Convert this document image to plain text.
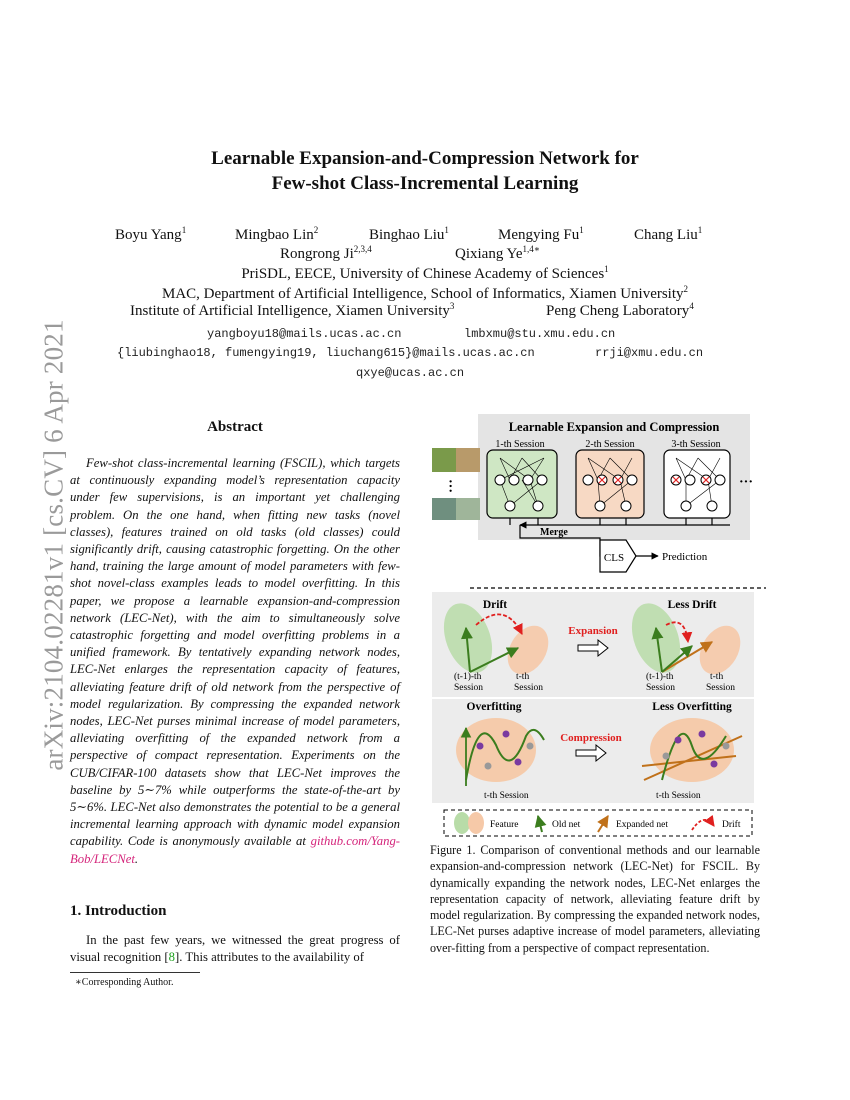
arXiv:2104.02281v1 [cs.CV] 6 Apr 2021
Learnable Expansion-and-Compression Network for
Few-shot Class-Incremental Learning
Boyu Yang$^1$	Mingbao Lin$^2$	Binghao Liu$^1$	Mengying Fu$^1$	Chang Liu$^1$
Rongrong Ji$^{2,3,4}$	Qixiang $Ye^{1,4∗}$
PriSDL, EECE, University of Chinese Academy of Sciences$^1$
MAC, Department of Artificial Intelligence, School of Informatics, Xiamen University$^2$
Institute of Artificial Intelligence, Xiamen University$^3$	Peng Cheng Laboratory$^4$
yangboyu18@mails.ucas.ac.cn	lmbxmu@stu.xmu.edu.cn
{liubinghao18, fumengying19, liuchang615}@mails.ucas.ac.cn	rrji@xmu.edu.cn
qxye@ucas.ac.cn
Abstract

Few-shot class-incremental learning (FSCIL), which targets at continuously expanding model’s representation capacity under few supervisions, is an important yet challenging problem. On the one hand, when fitting new tasks (novel classes), features trained on old tasks (old classes) could significantly drift, causing catastrophic forgetting. On the other hand, training the large amount of model parameters with few-shot novel-class examples leads to model overfitting. In this paper, we propose a learnable expansion-and-compression network (LEC-Net), with the aim to simultaneously solve catastrophic forgetting and model overfitting problems in a unified framework. By tentatively expanding network nodes, LEC-Net enlarges the representation capacity of features, alleviating feature drift of old network from the perspective of model regularization. By compressing the expanded network nodes, LEC-Net purses minimal increase of model parameters, alleviating overfitting of the expanded network from a perspective of compact representation. Experiments on the CUB/CIFAR-100 datasets show that LEC-Net improves the baseline by 5∼7% while outperforms the state-of-the-art by 5∼6%. LEC-Net also demonstrates the potential to be a general incremental learning approach with dynamic model expansion capability. Code is anonymously available at github.com/Yang-Bob/LECNet.

1. Introduction

In the past few years, we witnessed the great progress of visual recognition [8]. This attributes to the availability of

∗Corresponding Author.
Learnable Expansion and Compression
1-th Session	2-th Session	3-th Session
···	···
Merge
CLS	Prediction
Drift	Less Drift
(t-1)-th
Session
t-th
Session
Expansion
(t-1)-th
Session
t-th
Session
Overfitting	Less Overfitting
t-th Session
Compression
t-th Session
Feature	Old net	Expanded net	Drift

Figure 1. Comparison of conventional methods and our learnable expansion-and-compression network (LEC-Net) for FSCIL. By dynamically expanding the network nodes, LEC-Net enlarges the representation capacity of network, alleviating feature drift by model regularization. By compressing the expanded network nodes, LEC-Net purses adaptive increase of model parameters, alleviating over-fitting from a perspective of compact representation.
